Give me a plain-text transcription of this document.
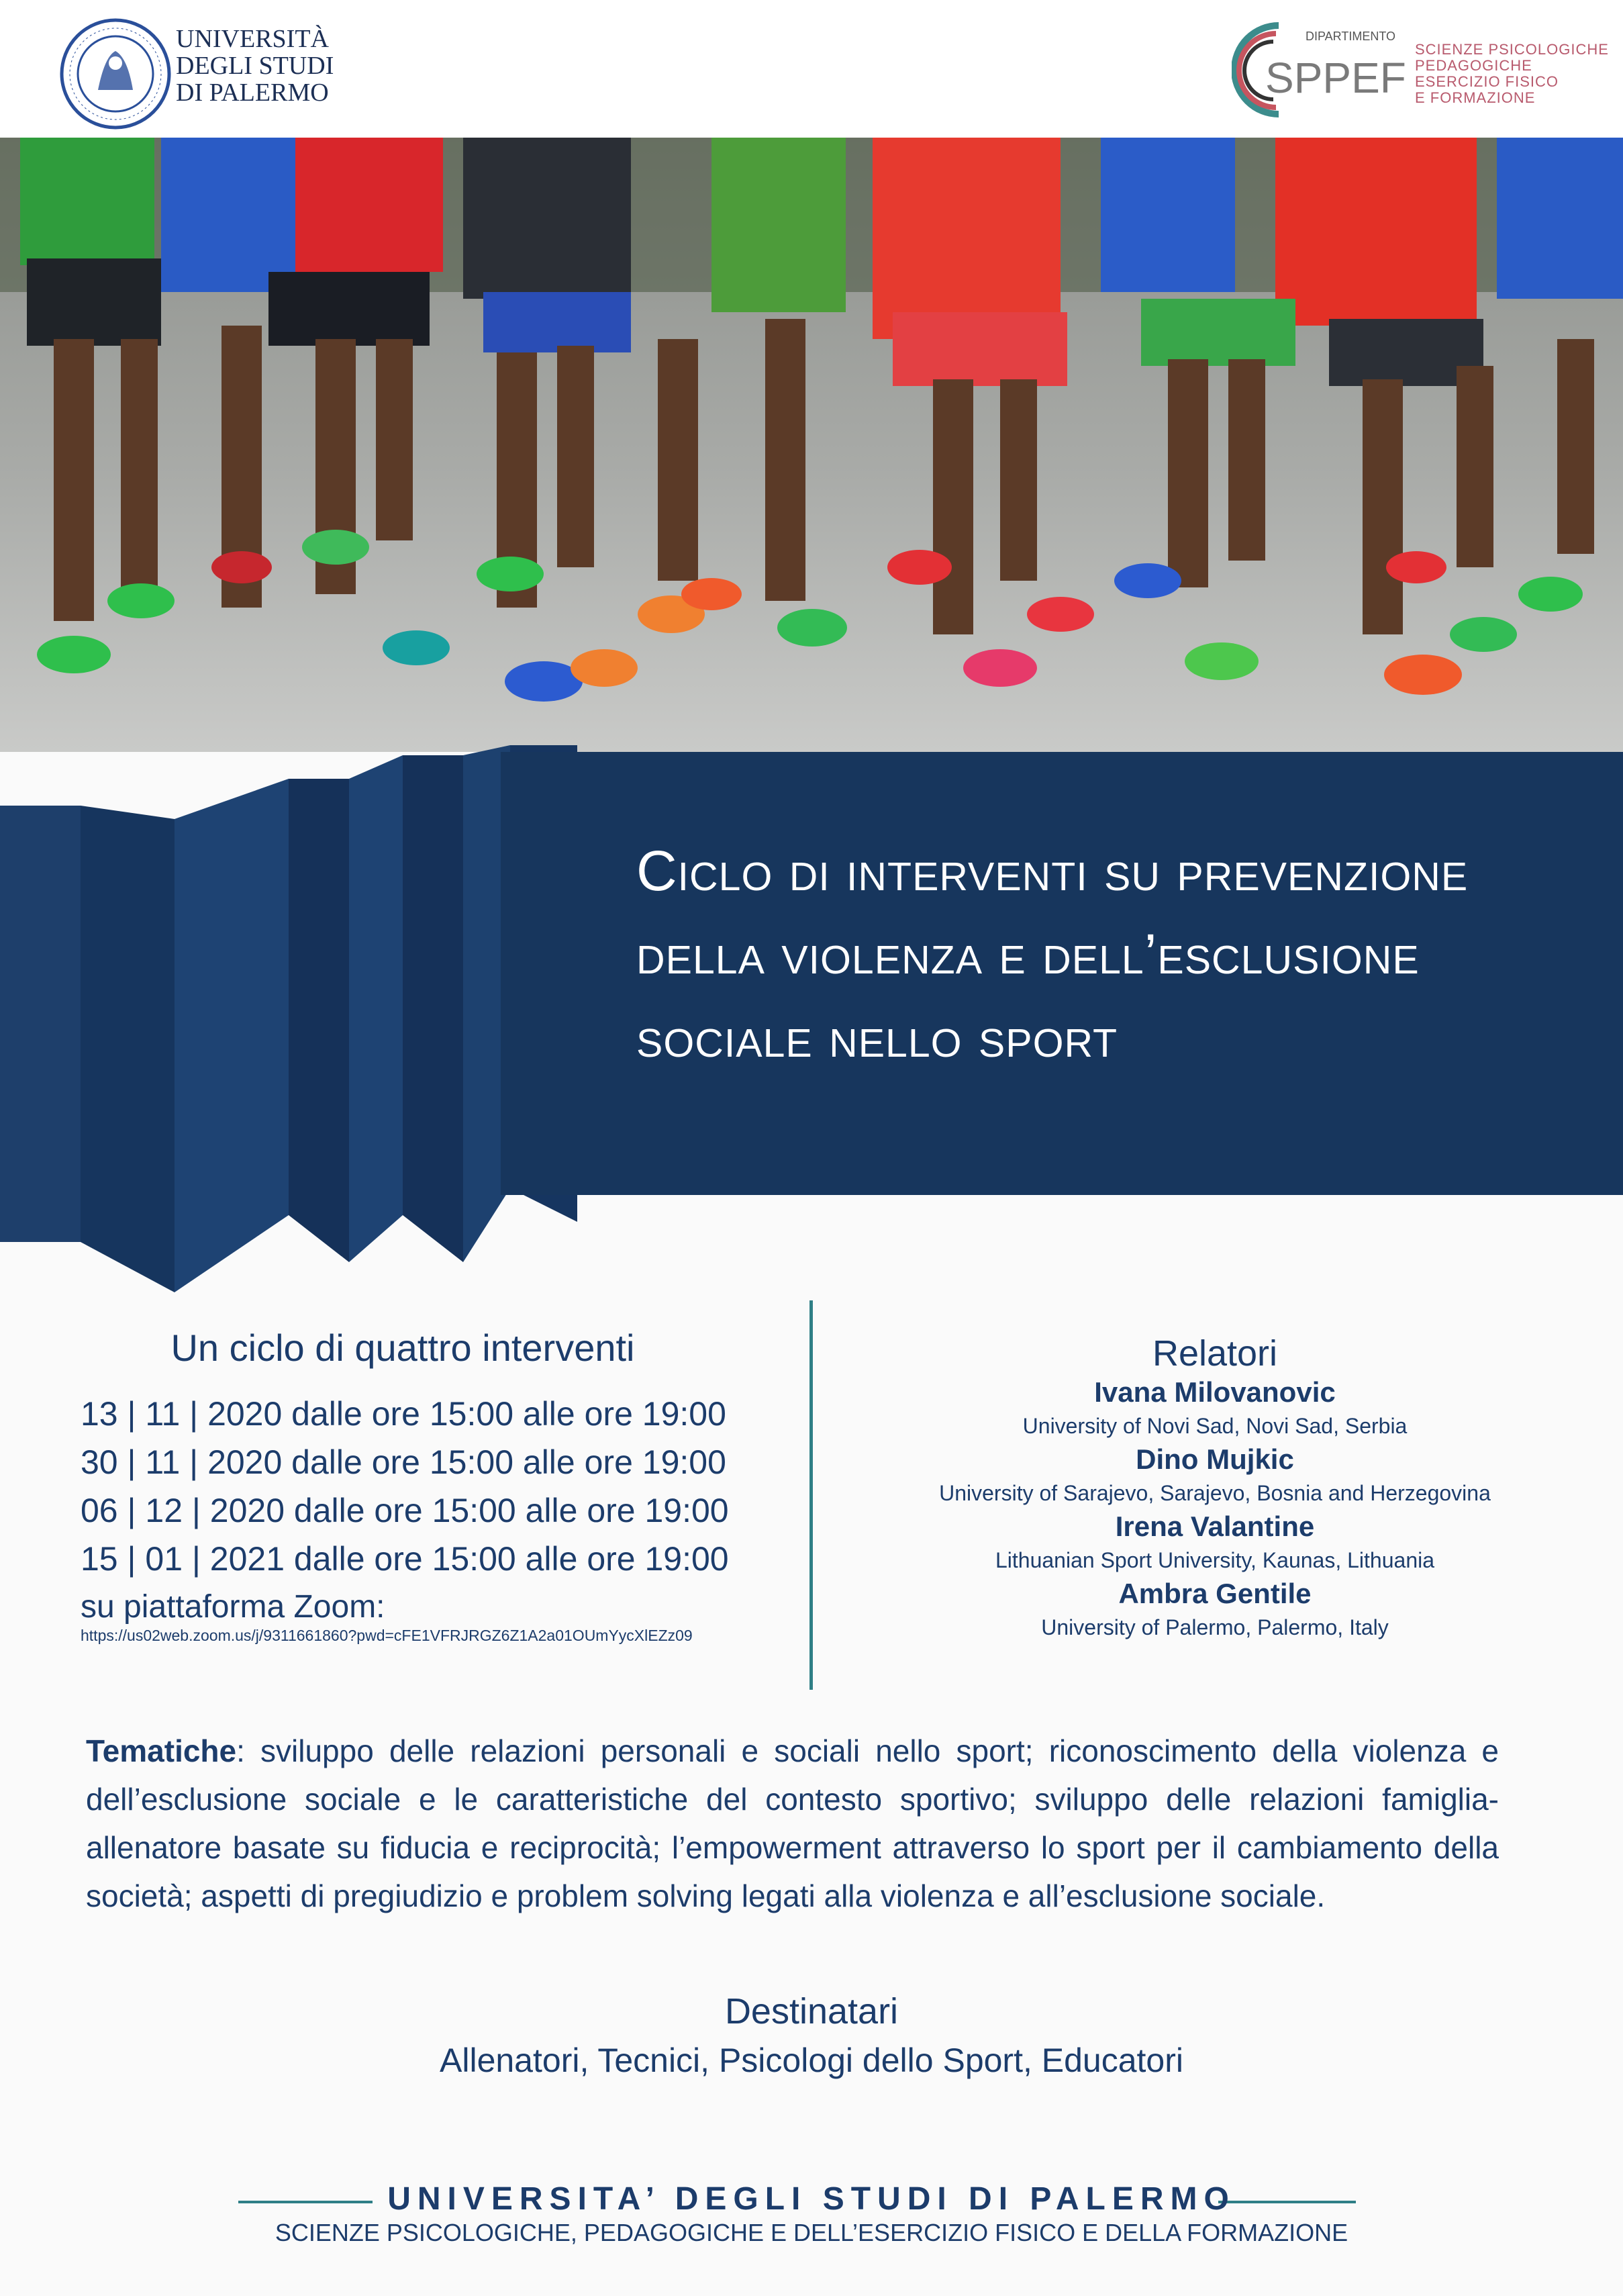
UNIVERSITÀ
DEGLI STUDI
DI PALERMO	SPPEF
DIPARTIMENTO
SCIENZE PSICOLOGICHE
PEDAGOGICHE
ESERCIZIO FISICO
E FORMAZIONE
Ciclo di interventi su prevenzione
della violenza e dell’esclusione
sociale nello sport
Un ciclo di quattro interventi
13 | 11 | 2020 dalle ore 15:00 alle ore 19:00
30 | 11 | 2020 dalle ore 15:00 alle ore 19:00
06 | 12 | 2020 dalle ore 15:00 alle ore 19:00
15 | 01 | 2021 dalle ore 15:00 alle ore 19:00
su piattaforma Zoom:
https://us02web.zoom.us/j/93116618​60?pwd=cFE1VFRJRGZ6Z1A2a01OUmYycXlEZz09
Relatori
Ivana Milovanovic
University of Novi Sad, Novi Sad, Serbia
Dino Mujkic
University of Sarajevo, Sarajevo, Bosnia and Herzegovina
Irena Valantine
Lithuanian Sport University, Kaunas, Lithuania
Ambra Gentile
University of Palermo, Palermo, Italy
Tematiche: sviluppo delle relazioni personali e sociali nello sport; riconoscimento della violenza e dell’esclusione sociale e le caratteristiche del contesto sportivo; sviluppo delle relazioni famiglia-allenatore basate su fiducia e reciprocità; l’empowerment attraverso lo sport per il cambiamento della società; aspetti di pregiudizio e problem solving legati alla violenza e all’esclusione sociale.
Destinatari
Allenatori, Tecnici, Psicologi dello Sport, Educatori
UNIVERSITA’ DEGLI STUDI DI PALERMO
SCIENZE PSICOLOGICHE, PEDAGOGICHE E DELL’ESERCIZIO FISICO E DELLA FORMAZIONE
